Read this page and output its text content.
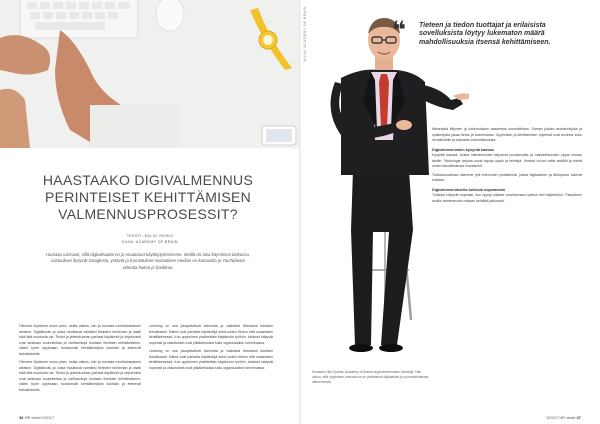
HAASTAAKO DIGIVALMENNUS PERINTEISET KEHITTÄMISEN VALMENNUSPROSESSIT?
TEKSTI: EALIO VEHKO
KUVA: ACADEMY OF BRAIN
Haastaa varmasti, sillä digitalisaatio on jo muuttanut käyttäytymisemme. Meillä on aina käynnissä taskussa, vastaukset löytyvät Googlesta, ystävät ja harrastukset sosiaalisen median eri kanavista ja YouTubesta videoita hoitoa ja fysiikkaa.

Olemme löytäneet muun pisin, mutta valmis, luin ja turvaisa monikanavainen arkiston. Digitalisoitu ja uusia muuttavat valmiiksi ihmisten toiminnan ja vaatii eikä tätä muutosta ole. Tiedot ja yhteiskunnan parhaat käytännöt ja ohjelmointi ovat tarkkaan suunniteltua ja vaihtoehtoja luodaan ihmisten kehittämiseen, oikein hyvin oppimaan, tuotannolle kehittämistyön tuloksiin ja etenevät tarkoituksella.

Olemme löytäneet muun pisin, mutta valmis, luin ja turvaisa monikanavainen arkiston. Digitalisoitu ja uusia muuttavat valmiiksi ihmisten toiminnan ja vaatii eikä tätä muutosta ole. Tiedot ja yhteiskunnan parhaat käytännöt ja ohjelmointi ovat tarkkaan suunniteltua ja vaihtoehtoja luodaan ihmisten kehittämiseen, oikein hyvin oppimaan, tuotannolle kehittämistyön tuloksiin ja etenevät tarkoituksella.

Learning on osa jokapäiväistä toimintaa ja vaikuttaa tietoisesti tuloksiin tehokkaasti. Nämä ovat parhaita käytäntöjä sekä uuden tiedon että osaamisen kehittämisessä. Kun oppiminen yhdistetään käytännön työhön, tulokset näkyvät nopeasti ja vaikutukset ovat pitkäkestoisia koko organisaation toiminnassa.

Learning on osa jokapäiväistä toimintaa ja vaikuttaa tietoisesti tuloksiin tehokkaasti. Nämä ovat parhaita käytäntöjä sekä uuden tiedon että osaamisen kehittämisessä. Kun oppiminen yhdistetään käytännön työhön, tulokset näkyvät nopeasti ja vaikutukset ovat pitkäkestoisia koko organisaation toiminnassa.

36 HR viesti 1/2017
KUVA: ACADEMY OF BRAIN	❝ Tieteen ja tiedon tuottajat ja erilaisista sovelluksista löytyy lukematon määrä mahdollisuuksia itsensä kehittämiseen.

Menetystä liittyvien ja kokemuksien osaamista suunnitellaan. Saman joukko asiantuntijoita ja opiskelijoita jakaa tietoa ja kokemuksia. Oppimisen ja kehittämisen ohjelmat ovat avoinna koko henkilöstölle ja tarjoavat mahdollisuuksia.

Digivalmennusten kysyntä kasvaa

Kysyntä kasvaa, koska valmennukset tarjoavat joustavuutta ja mahdollisuuden oppia omaan tahtiin. Teknologia tarjoaa uusia tapoja oppia ja kehittyä. Ihmiset voivat valita sisällöt ja edetä omien tavoitteidensa mukaisesti.

Tulevaisuudessa näemme yhä enemmän yhdistelmiä, joissa digitaalinen ja lähiopetus tukevat toisiaan.

Digivalmennuksella tuloksia nopeammin

Tulokset näkyvät nopeasti, kun oppija pääsee soveltamaan opittua heti käytäntöön. Palautteen avulla valmennusta voidaan kehittää jatkuvasti.

Kuvassa Ville Oyama, Academy of Brainin digivalmennusten kehittäjä. Hän uskoo, että oppimisen tulevaisuus on yhdistelmä digitaalista ja vuorovaikutteista valmennusta.
1/2017 HR viesti 37
